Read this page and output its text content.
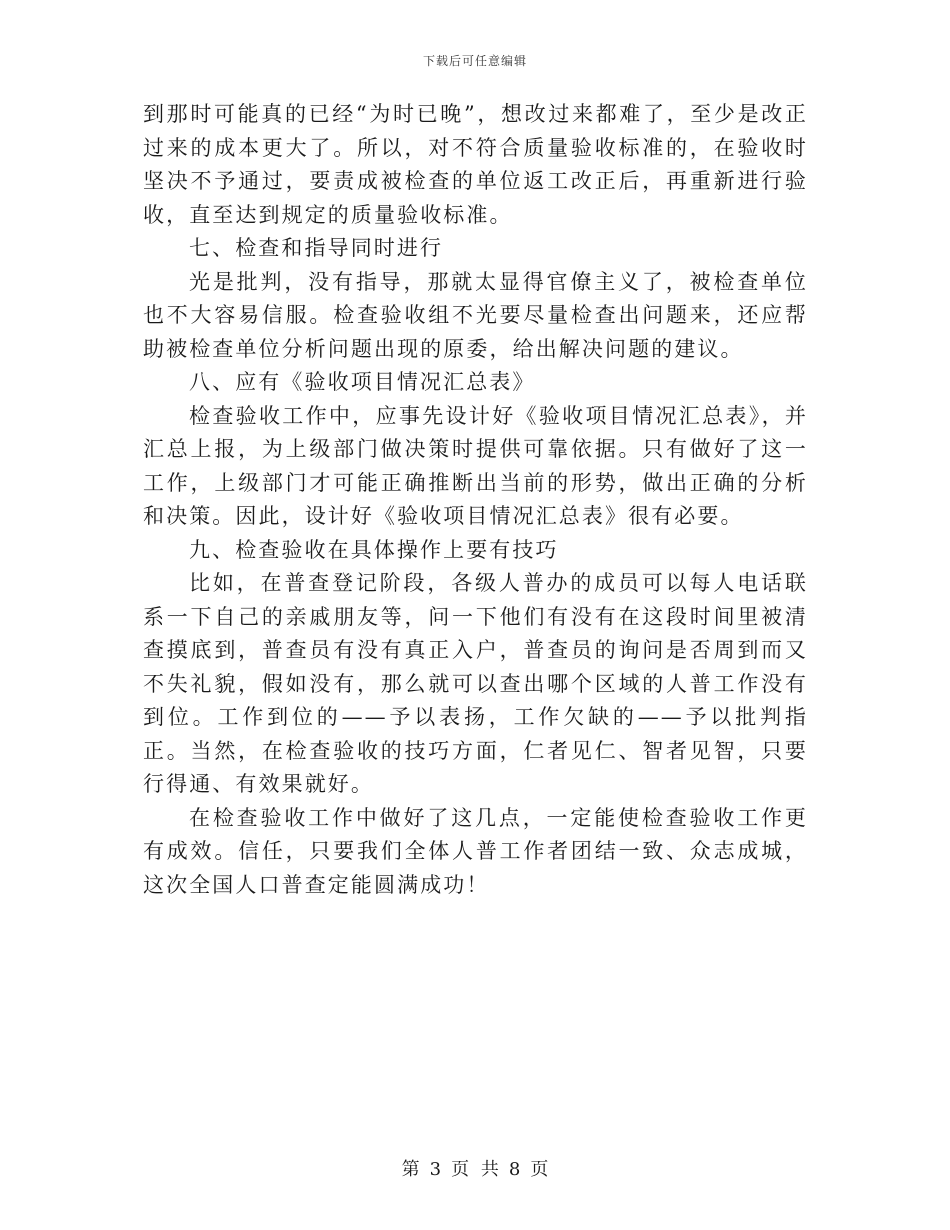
下载后可任意编辑

到那时可能真的已经“为时已晚”，想改过来都难了，至少是改正过来的成本更大了。所以，对不符合质量验收标准的，在验收时坚决不予通过，要责成被检查的单位返工改正后，再重新进行验收，直至达到规定的质量验收标准。

七、检查和指导同时进行

光是批判，没有指导，那就太显得官僚主义了，被检查单位也不大容易信服。检查验收组不光要尽量检查出问题来，还应帮助被检查单位分析问题出现的原委，给出解决问题的建议。

八、应有《验收项目情况汇总表》

检查验收工作中，应事先设计好《验收项目情况汇总表》，并汇总上报，为上级部门做决策时提供可靠依据。只有做好了这一工作，上级部门才可能正确推断出当前的形势，做出正确的分析和决策。因此，设计好《验收项目情况汇总表》很有必要。

九、检查验收在具体操作上要有技巧

比如，在普查登记阶段，各级人普办的成员可以每人电话联系一下自己的亲戚朋友等，问一下他们有没有在这段时间里被清查摸底到，普查员有没有真正入户，普查员的询问是否周到而又不失礼貌，假如没有，那么就可以查出哪个区域的人普工作没有到位。工作到位的——予以表扬，工作欠缺的——予以批判指正。当然，在检查验收的技巧方面，仁者见仁、智者见智，只要行得通、有效果就好。

在检查验收工作中做好了这几点，一定能使检查验收工作更有成效。信任，只要我们全体人普工作者团结一致、众志成城，这次全国人口普查定能圆满成功！

第 3 页 共 8 页
